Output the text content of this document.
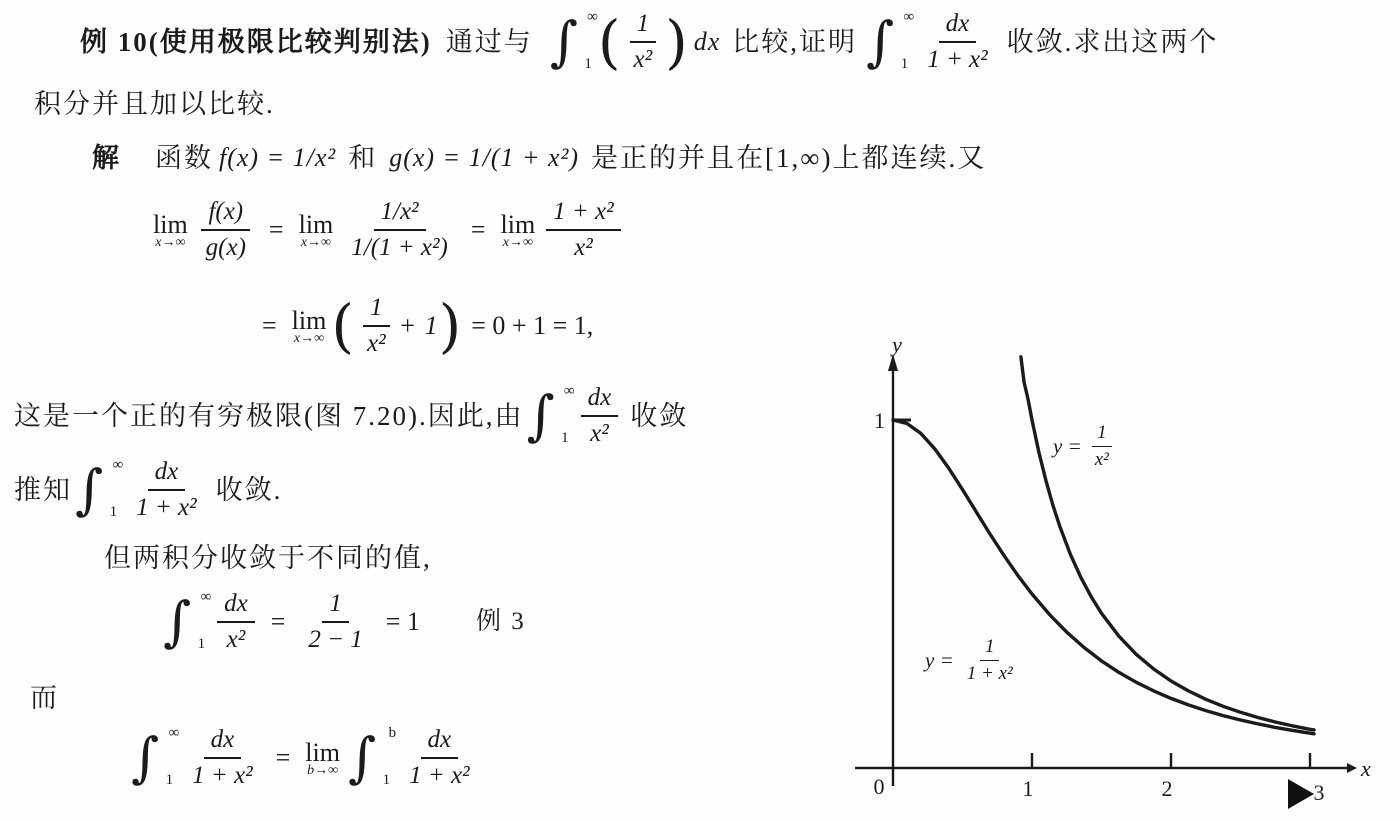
例 10(使用极限比较判别法) 通过与 ∫ ∞
1 ( $\frac{1}{\text{x²}}$ ) dx 比较,证明 ∫ ∞
$1 \frac{dx}{\text{1 + x²}}$ 收敛.求出这两个
积分并且加以比较.
解 函数 f(x) = 1/x² 和 g(x) = 1/(1 + x²) 是正的并且在[1,∞)上都连续.又
lim
$x\to\infty \frac{f(x)}{g(x)} = \lim$
$x\to\infty \frac{\text{1/x²}}{\text{1/(1 + x²)}} = \lim$
$x\to\infty \frac{\text{1 + x²}}{\text{x²}}$
= lim
x→∞ ( $\frac{1}{\text{x²}} + 1$ ) = 0 + 1 = 1,
这是一个正的有穷极限(图 7.20).因此,由 ∫ ∞
$1 \frac{dx}{\text{x²}}$ 收敛
推知 ∫ ∞
$1 \frac{dx}{\text{1 + x²}}$ 收敛.
但两积分收敛于不同的值,
∫ ∞
$1 \frac{dx}{\text{x²}} = \frac{1}{2 - 1} = 1$ 例 3
而
∫ ∞
$1 \frac{dx}{\text{1 + x²}} = \lim$
b→∞ ∫ b
$1 \frac{dx}{\text{1 + x²}}$
y
x
0
1
1	2	3
$y = \frac{1}{\text{x²}}$
$y = \frac{1}{\text{1 + x²}}$
